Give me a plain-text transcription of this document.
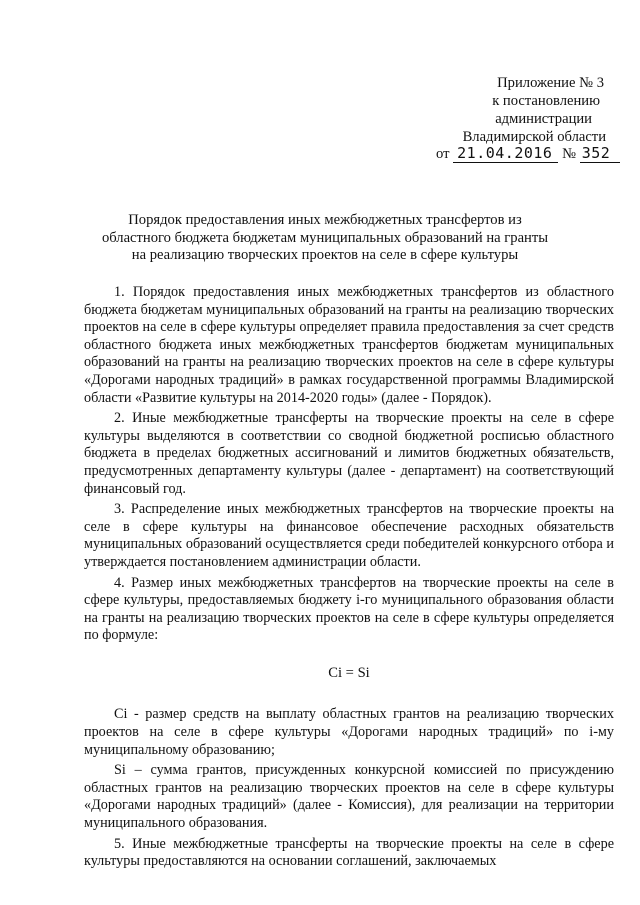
Приложение № 3
к постановлению
администрации
Владимирской области
от 21.04.2016 № 352
Порядок предоставления иных межбюджетных трансфертов из областного бюджета бюджетам муниципальных образований на гранты на реализацию творческих проектов на селе в сфере культуры

1. Порядок предоставления иных межбюджетных трансфертов из областного бюджета бюджетам муниципальных образований на гранты на реализацию творческих проектов на селе в сфере культуры определяет правила предоставления за счет средств областного бюджета иных межбюджетных трансфертов бюджетам муниципальных образований на гранты на реализацию творческих проектов на селе в сфере культуры «Дорогами народных традиций» в рамках государственной программы Владимирской области «Развитие культуры на 2014-2020 годы» (далее - Порядок).

2. Иные межбюджетные трансферты на творческие проекты на селе в сфере культуры выделяются в соответствии со сводной бюджетной росписью областного бюджета в пределах бюджетных ассигнований и лимитов бюджетных обязательств, предусмотренных департаменту культуры (далее - департамент) на соответствующий финансовый год.

3. Распределение иных межбюджетных трансфертов на творческие проекты на селе в сфере культуры на финансовое обеспечение расходных обязательств муниципальных образований осуществляется среди победителей конкурсного отбора и утверждается постановлением администрации области.

4. Размер иных межбюджетных трансфертов на творческие проекты на селе в сфере культуры, предоставляемых бюджету i-го муниципального образования области на гранты на реализацию творческих проектов на селе в сфере культуры определяется по формуле:

Ci = Si

Ci - размер средств на выплату областных грантов на реализацию творческих проектов на селе в сфере культуры «Дорогами народных традиций» по i-му муниципальному образованию;

Si – сумма грантов, присужденных конкурсной комиссией по присуждению областных грантов на реализацию творческих проектов на селе в сфере культуры «Дорогами народных традиций» (далее - Комиссия), для реализации на территории муниципального образования.

5. Иные межбюджетные трансферты на творческие проекты на селе в сфере культуры предоставляются на основании соглашений, заключаемых
